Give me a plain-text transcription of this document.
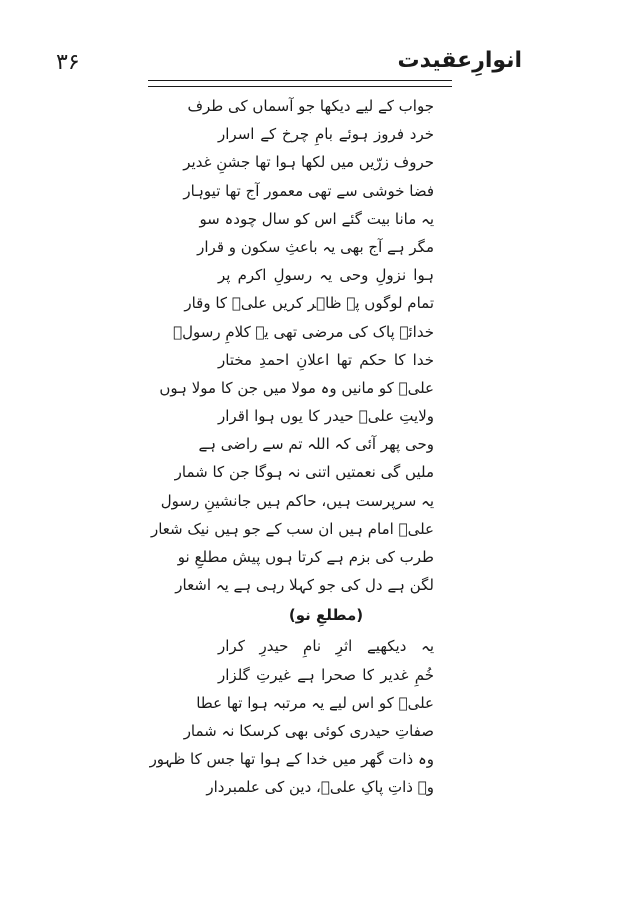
۳۶	انوارِعقیدت
جواب کے لیے دیکھا جو آسماں کی طرف
خرد فروز ہوئے بامِ چرخ کے اسرار
حروف زرّیں میں لکھا ہوا تھا جشنِ غدیر
فضا خوشی سے تھی معمور آج تھا تیوہار
یہ مانا بیت گئے اس کو سال چودہ سو
مگر ہے آج بھی یہ باعثِ سکون و قرار
ہوا نزولِ وحی یہ رسولِ اکرم پر
تمام لوگوں پہ ظاہر کریں علیؑ کا وقار
خدائے پاک کی مرضی تھی یہ کلامِ رسولؐ
خدا کا حکم تھا اعلانِ احمدِ مختار
علیؑ کو مانیں وہ مولا میں جن کا مولا ہوں
ولایتِ علیؑ حیدر کا یوں ہوا اقرار
وحی پھر آئی کہ اللہ تم سے راضی ہے
ملیں گی نعمتیں اتنی نہ ہوگا جن کا شمار
یہ سرپرست ہیں، حاکم ہیں جانشینِ رسول
علیؑ امام ہیں ان سب کے جو ہیں نیک شعار
طرب کی بزم ہے کرتا ہوں پیش مطلعِ نو
لگن ہے دل کی جو کہلا رہی ہے یہ اشعار
(مطلعِ نو)
یہ دیکھیے اثرِ نامِ حیدرِ کرار
خُمِ غدیر کا صحرا ہے غیرتِ گلزار
علیؑ کو اس لیے یہ مرتبہ ہوا تھا عطا
صفاتِ حیدری کوئی بھی کرسکا نہ شمار
وہ ذات گھر میں خدا کے ہوا تھا جس کا ظہور
وہ ذاتِ پاکِ علیؑ، دین کی علمبردار
